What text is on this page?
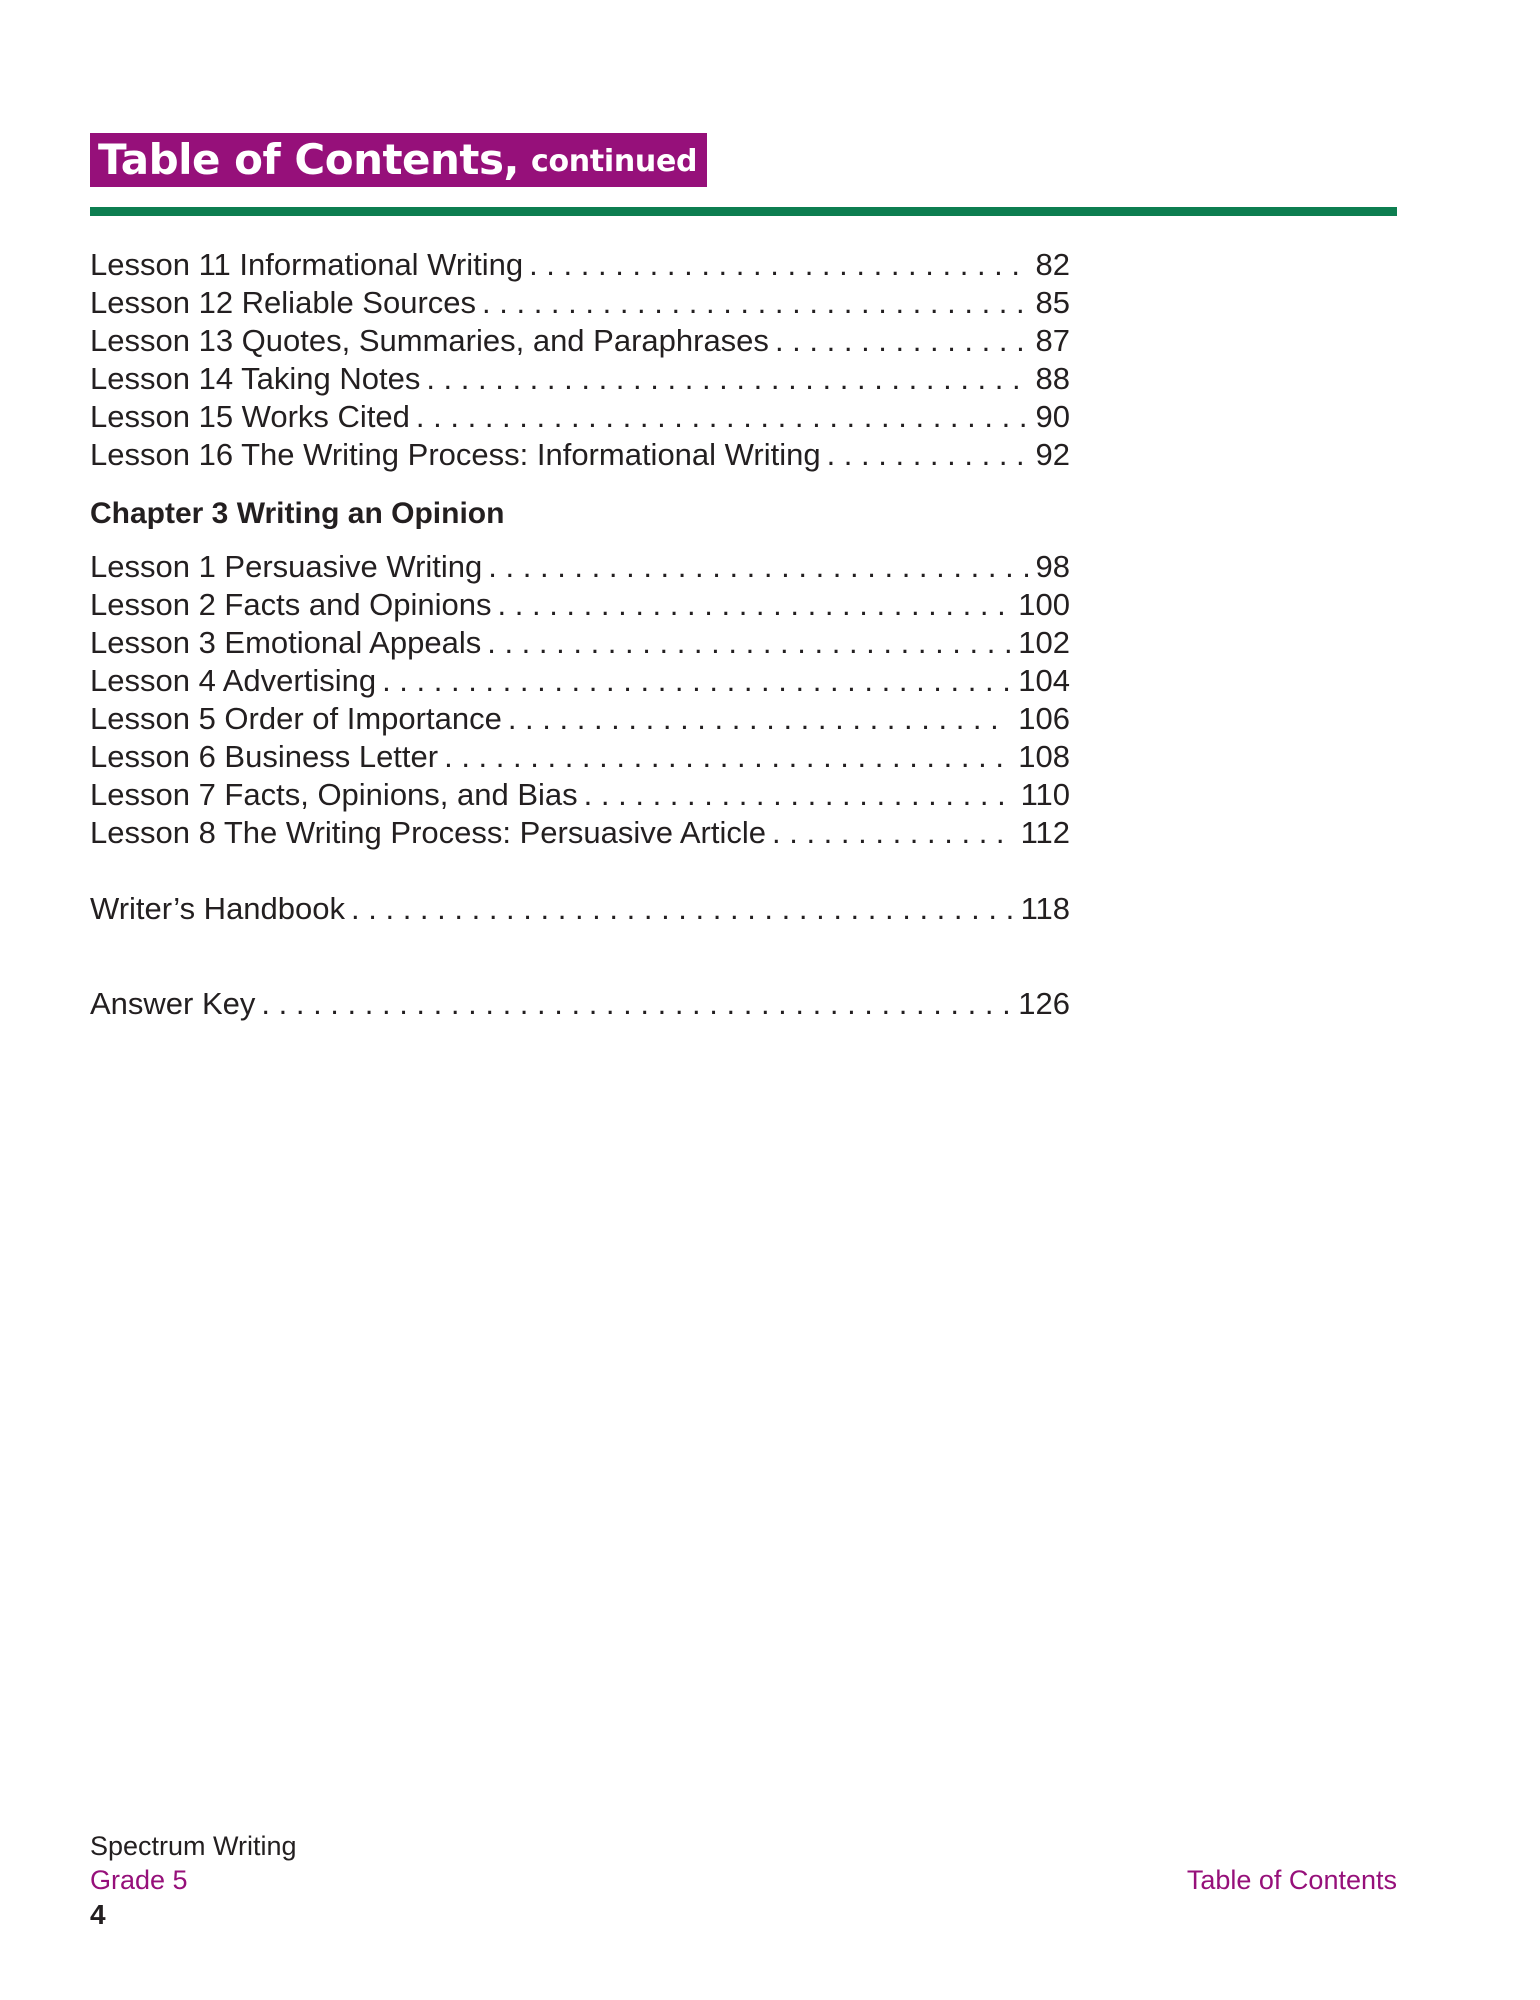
Table of Contents, continued
Lesson 11 Informational Writing . . .	82
Lesson 12 Reliable Sources . . .	85
Lesson 13 Quotes, Summaries, and Paraphrases . . .	87
Lesson 14 Taking Notes . . .	88
Lesson 15 Works Cited . . .	90
Lesson 16 The Writing Process: Informational Writing . . .	92
Chapter 3 Writing an Opinion
Lesson 1 Persuasive Writing . . .	98
Lesson 2 Facts and Opinions . . .	100
Lesson 3 Emotional Appeals . . .	102
Lesson 4 Advertising . . .	104
Lesson 5 Order of Importance . . .	106
Lesson 6 Business Letter . . .	108
Lesson 7 Facts, Opinions, and Bias . . .	110
Lesson 8 The Writing Process: Persuasive Article . . .	112
Writer’s Handbook . . .	118
Answer Key . . .	126
Spectrum Writing
Grade 5
4
Table of Contents
